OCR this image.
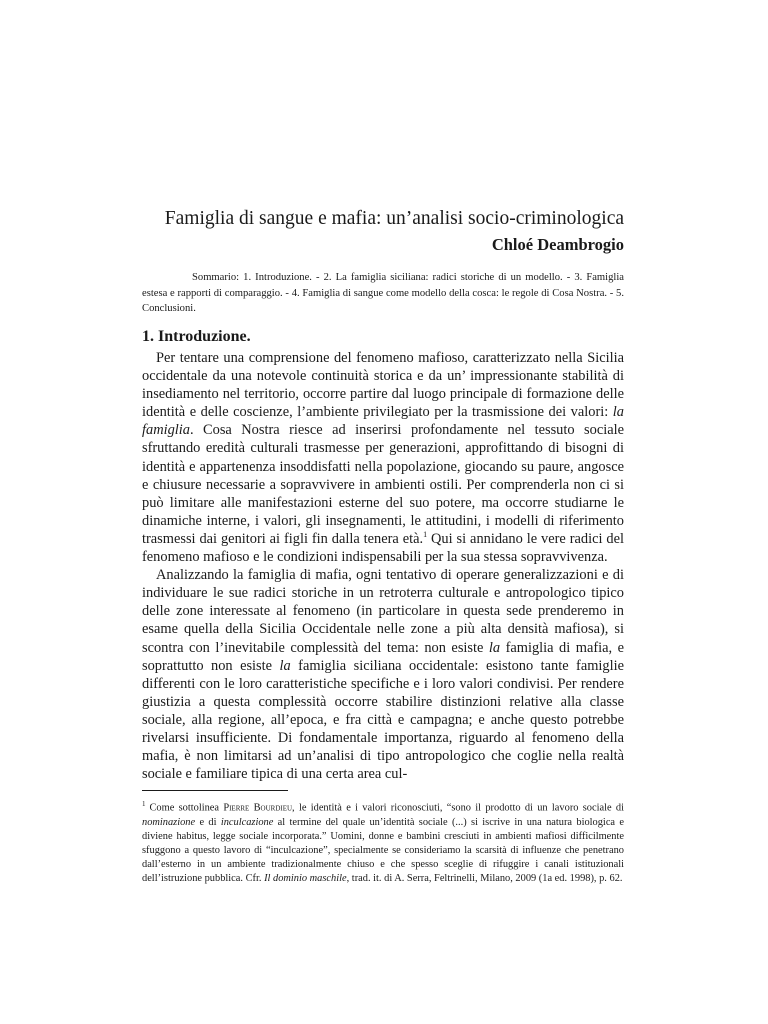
Famiglia di sangue e mafia: un’analisi socio-criminologica
Chloé Deambrogio
Sommario: 1. Introduzione. - 2. La famiglia siciliana: radici storiche di un modello. - 3. Famiglia estesa e rapporti di comparaggio. - 4. Famiglia di sangue come modello della cosca: le regole di Cosa Nostra. - 5. Conclusioni.
1. Introduzione.

Per tentare una comprensione del fenomeno mafioso, caratterizzato nella Sicilia occidentale da una notevole continuità storica e da un’ impressionante stabilità di insediamento nel territorio, occorre partire dal luogo principale di formazione delle identità e delle coscienze, l’ambiente privilegiato per la trasmissione dei valori: la famiglia. Cosa Nostra riesce ad inserirsi profondamente nel tessuto sociale sfruttando eredità culturali trasmesse per generazioni, approfittando di bisogni di identità e appartenenza insoddisfatti nella popolazione, giocando su paure, angosce e chiusure necessarie a sopravvivere in ambienti ostili. Per comprenderla non ci si può limitare alle manifestazioni esterne del suo potere, ma occorre studiarne le dinamiche interne, i valori, gli insegnamenti, le attitudini, i modelli di riferimento trasmessi dai genitori ai figli fin dalla tenera età.$^1$ Qui si annidano le vere radici del fenomeno mafioso e le condizioni indispensabili per la sua stessa sopravvivenza.

Analizzando la famiglia di mafia, ogni tentativo di operare generalizzazioni e di individuare le sue radici storiche in un retroterra culturale e antropologico tipico delle zone interessate al fenomeno (in particolare in questa sede prenderemo in esame quella della Sicilia Occidentale nelle zone a più alta densità mafiosa), si scontra con l’inevitabile complessità del tema: non esiste la famiglia di mafia, e soprattutto non esiste la famiglia siciliana occidentale: esistono tante famiglie differenti con le loro caratteristiche specifiche e i loro valori condivisi. Per rendere giustizia a questa complessità occorre stabilire distinzioni relative alla classe sociale, alla regione, all’epoca, e fra città e campagna; e anche questo potrebbe rivelarsi insufficiente. Di fondamentale importanza, riguardo al fenomeno della mafia, è non limitarsi ad un’analisi di tipo antropologico che coglie nella realtà sociale e familiare tipica di una certa area cul-

$^1$ Come sottolinea Pierre Bourdieu, le identità e i valori riconosciuti, “sono il prodotto di un lavoro sociale di nominazione e di inculcazione al termine del quale un’identità sociale (...) si iscrive in una natura biologica e diviene habitus, legge sociale incorporata.” Uomini, donne e bambini cresciuti in ambienti mafiosi difficilmente sfuggono a questo lavoro di “inculcazione”, specialmente se consideriamo la scarsità di influenze che penetrano dall’esterno in un ambiente tradizionalmente chiuso e che spesso sceglie di rifuggire i canali istituzionali dell’istruzione pubblica. Cfr. Il dominio maschile, trad. it. di A. Serra, Feltrinelli, Milano, 2009 (1a ed. 1998), p. 62.
